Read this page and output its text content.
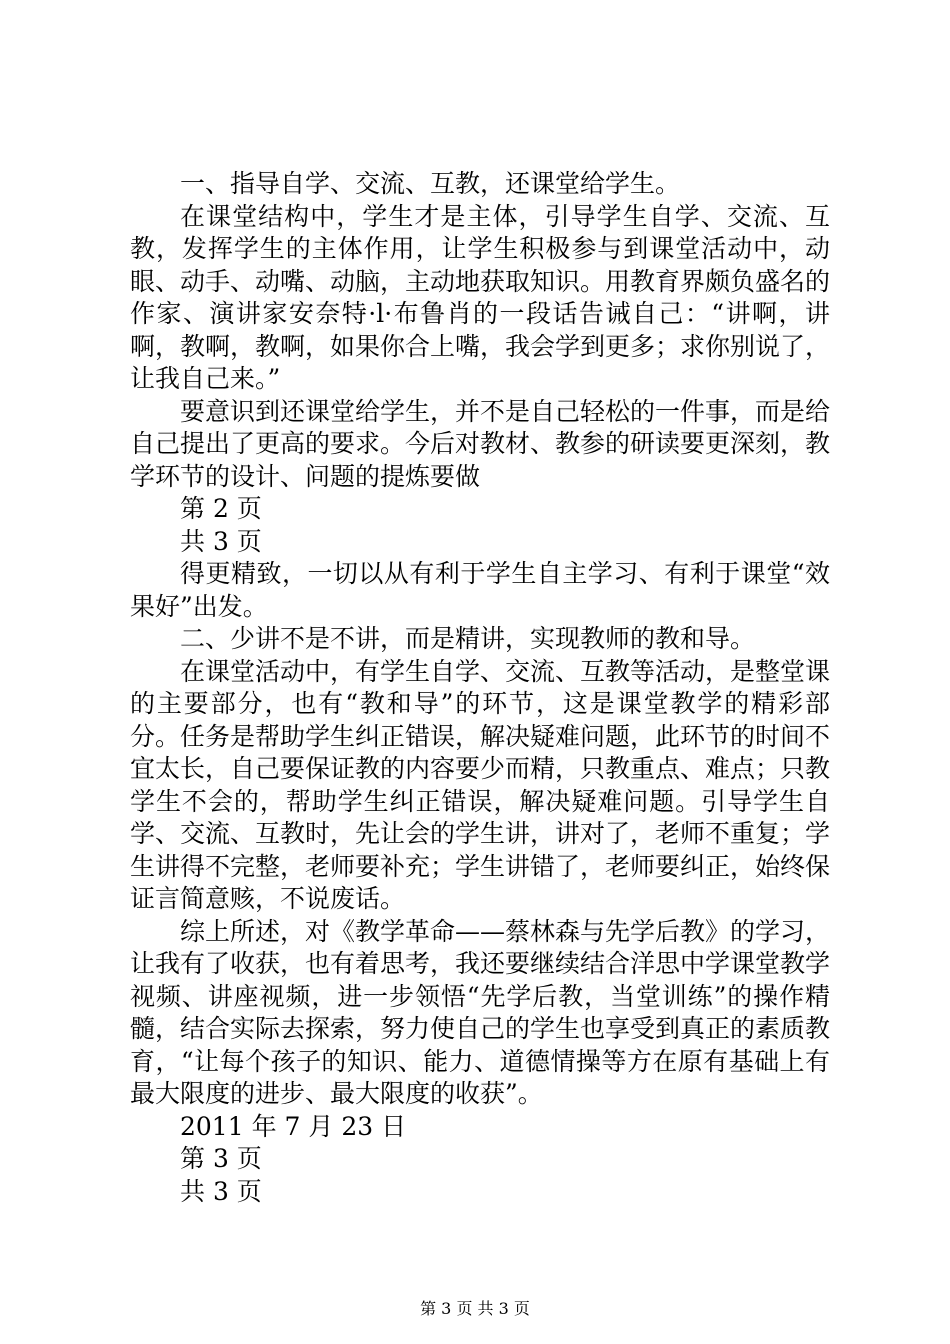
一、指导自学、交流、互教，还课堂给学生。

在课堂结构中，学生才是主体，引导学生自学、交流、互教，发挥学生的主体作用，让学生积极参与到课堂活动中，动眼、动手、动嘴、动脑，主动地获取知识。用教育界颇负盛名的作家、演讲家安奈特·l·布鲁肖的一段话告诫自己：“讲啊，讲啊，教啊，教啊，如果你合上嘴，我会学到更多；求你别说了，让我自己来。”

要意识到还课堂给学生，并不是自己轻松的一件事，而是给自己提出了更高的要求。今后对教材、教参的研读要更深刻，教学环节的设计、问题的提炼要做

第 2 页

共 3 页

得更精致，一切以从有利于学生自主学习、有利于课堂“效果好”出发。

二、少讲不是不讲，而是精讲，实现教师的教和导。

在课堂活动中，有学生自学、交流、互教等活动，是整堂课的主要部分，也有“教和导”的环节，这是课堂教学的精彩部分。任务是帮助学生纠正错误，解决疑难问题，此环节的时间不宜太长，自己要保证教的内容要少而精，只教重点、难点；只教学生不会的，帮助学生纠正错误，解决疑难问题。引导学生自学、交流、互教时，先让会的学生讲，讲对了，老师不重复；学生讲得不完整，老师要补充；学生讲错了，老师要纠正，始终保证言简意赅，不说废话。

综上所述，对《教学革命——蔡林森与先学后教》的学习，让我有了收获，也有着思考，我还要继续结合洋思中学课堂教学视频、讲座视频，进一步领悟“先学后教，当堂训练”的操作精髓，结合实际去探索，努力使自己的学生也享受到真正的素质教育，“让每个孩子的知识、能力、道德情操等方在原有基础上有最大限度的进步、最大限度的收获”。

2011 年 7 月 23 日

第 3 页

共 3 页

第 3 页 共 3 页
